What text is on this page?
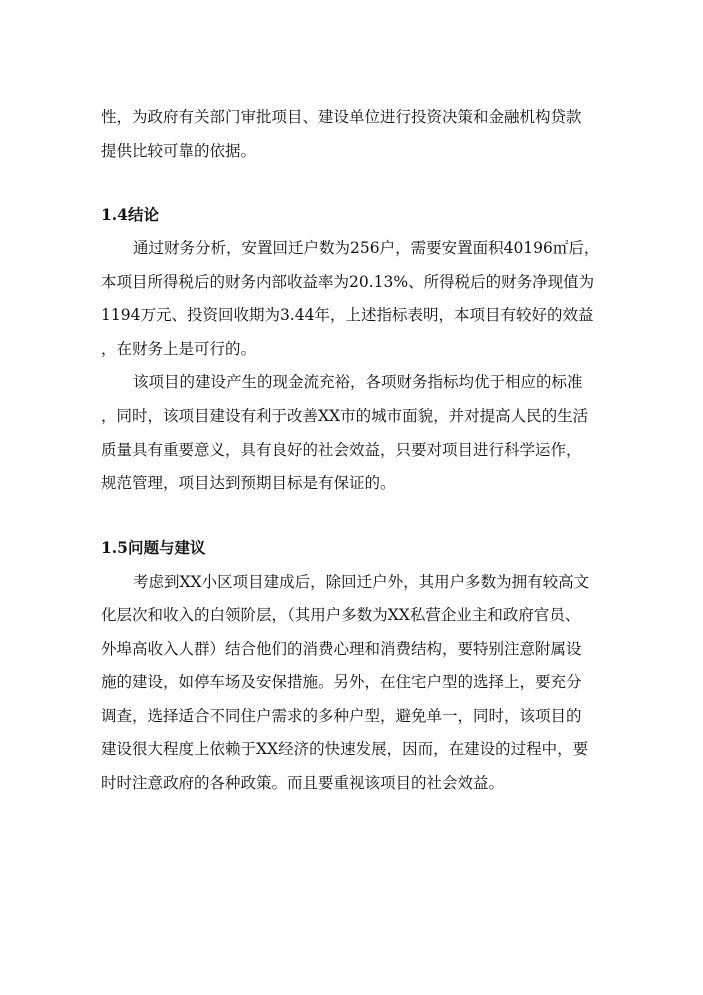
性，为政府有关部门审批项目、建设单位进行投资决策和金融机构贷款
提供比较可靠的依据。
1.4结论
通过财务分析，安置回迁户数为256户，需要安置面积40196㎡后，
本项目所得税后的财务内部收益率为20.13%、所得税后的财务净现值为
1194万元、投资回收期为3.44年，上述指标表明，本项目有较好的效益
，在财务上是可行的。
该项目的建设产生的现金流充裕，各项财务指标均优于相应的标准
，同时，该项目建设有利于改善XX市的城市面貌，并对提高人民的生活
质量具有重要意义，具有良好的社会效益，只要对项目进行科学运作，
规范管理，项目达到预期目标是有保证的。
1.5问题与建议
考虑到XX小区项目建成后，除回迁户外，其用户多数为拥有较高文
化层次和收入的白领阶层，（其用户多数为XX私营企业主和政府官员、
外埠高收入人群）结合他们的消费心理和消费结构，要特别注意附属设
施的建设，如停车场及安保措施。另外，在住宅户型的选择上，要充分
调查，选择适合不同住户需求的多种户型，避免单一，同时，该项目的
建设很大程度上依赖于XX经济的快速发展，因而，在建设的过程中，要
时时注意政府的各种政策。而且要重视该项目的社会效益。
